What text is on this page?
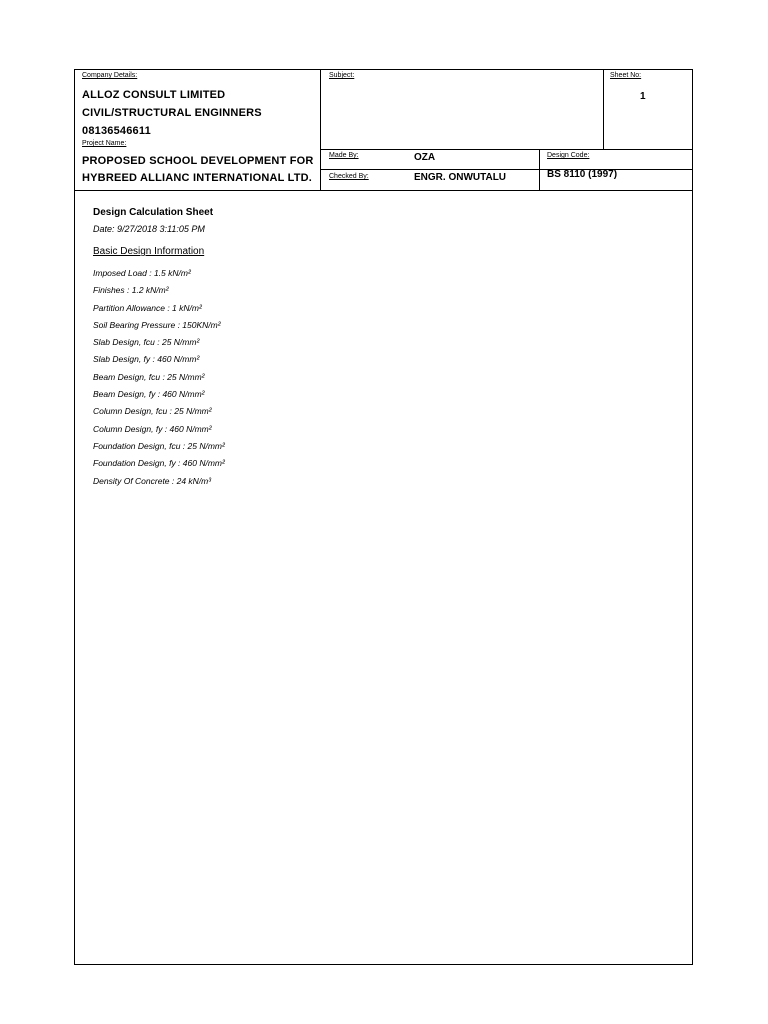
Company Details:
ALLOZ CONSULT LIMITED
CIVIL/STRUCTURAL ENGINNERS
08136546611
Project Name:
PROPOSED SCHOOL DEVELOPMENT FOR
HYBREED ALLIANC INTERNATIONAL LTD.
Subject:	Sheet No:
1
Made By:	OZA
Checked By:	ENGR. ONWUTALU
Design Code:
BS 8110 (1997)
Design Calculation Sheet
Date: 9/27/2018 3:11:05 PM
Basic Design Information
Imposed Load : 1.5 kN/m²
Finishes : 1.2 kN/m²
Partition Allowance : 1 kN/m²
Soil Bearing Pressure : 150KN/m²
Slab Design, fcu : 25 N/mm²
Slab Design, fy : 460 N/mm²
Beam Design, fcu : 25 N/mm²
Beam Design, fy : 460 N/mm²
Column Design, fcu : 25 N/mm²
Column Design, fy : 460 N/mm²
Foundation Design, fcu : 25 N/mm²
Foundation Design, fy : 460 N/mm²
Density Of Concrete : 24 kN/m³
